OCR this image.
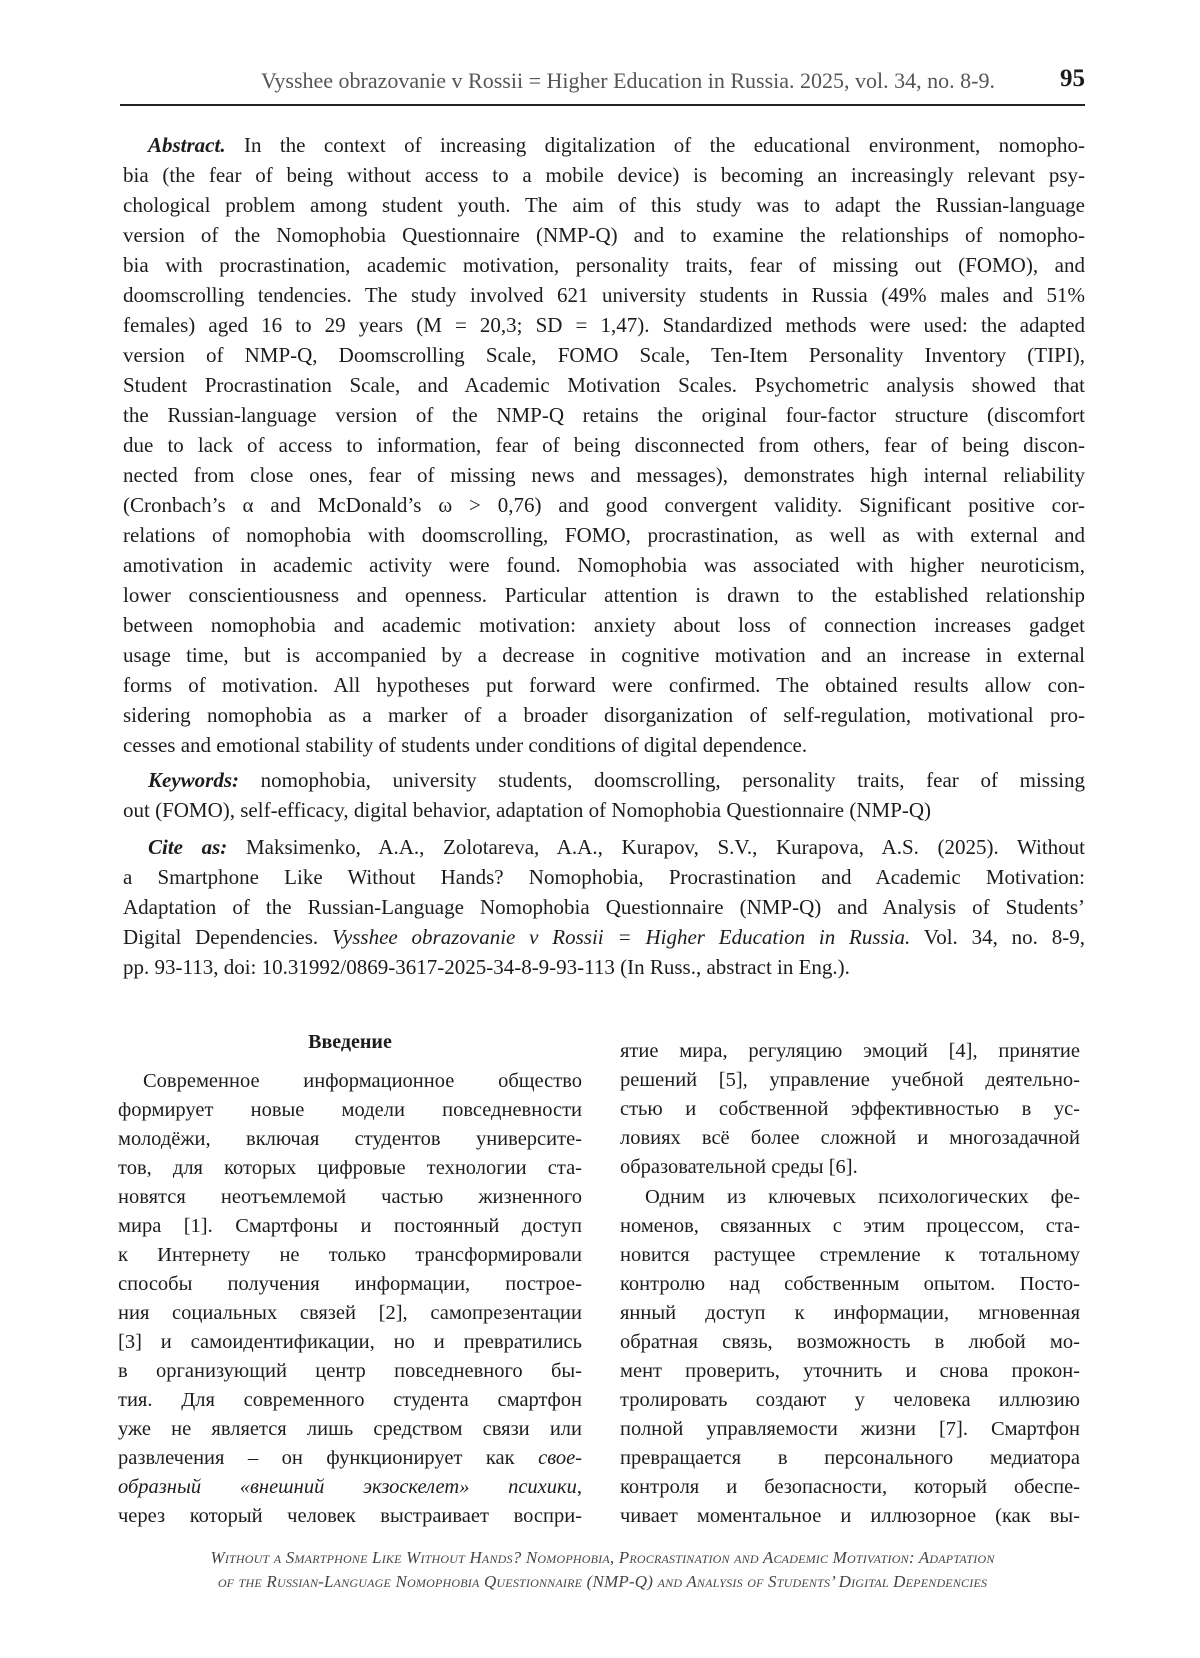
Vysshee obrazovanie v Rossii = Higher Education in Russia. 2025, vol. 34, no. 8-9.	95
Abstract. In the context of increasing digitalization of the educational environment, nomopho-
bia (the fear of being without access to a mobile device) is becoming an increasingly relevant psy-
chological problem among student youth. The aim of this study was to adapt the Russian-language
version of the Nomophobia Questionnaire (NMP-Q) and to examine the relationships of nomopho-
bia with procrastination, academic motivation, personality traits, fear of missing out (FOMO), and
doomscrolling tendencies. The study involved 621 university students in Russia (49% males and 51%
females) aged 16 to 29 years (M = 20,3; SD = 1,47). Standardized methods were used: the adapted
version of NMP-Q, Doomscrolling Scale, FOMO Scale, Ten-Item Personality Inventory (TIPI),
Student Procrastination Scale, and Academic Motivation Scales. Psychometric analysis showed that
the Russian-language version of the NMP-Q retains the original four-factor structure (discomfort
due to lack of access to information, fear of being disconnected from others, fear of being discon-
nected from close ones, fear of missing news and messages), demonstrates high internal reliability
(Cronbach’s α and McDonald’s ω > 0,76) and good convergent validity. Significant positive cor-
relations of nomophobia with doomscrolling, FOMO, procrastination, as well as with external and
amotivation in academic activity were found. Nomophobia was associated with higher neuroticism,
lower conscientiousness and openness. Particular attention is drawn to the established relationship
between nomophobia and academic motivation: anxiety about loss of connection increases gadget
usage time, but is accompanied by a decrease in cognitive motivation and an increase in external
forms of motivation. All hypotheses put forward were confirmed. The obtained results allow con-
sidering nomophobia as a marker of a broader disorganization of self-regulation, motivational pro-
cesses and emotional stability of students under conditions of digital dependence.
Keywords: nomophobia, university students, doomscrolling, personality traits, fear of missing
out (FOMO), self-efficacy, digital behavior, adaptation of Nomophobia Questionnaire (NMP-Q)
Cite as: Maksimenko, A.A., Zolotareva, A.A., Kurapov, S.V., Kurapova, A.S. (2025). Without
a Smartphone Like Without Hands? Nomophobia, Procrastination and Academic Motivation:
Adaptation of the Russian-Language Nomophobia Questionnaire (NMP-Q) and Analysis of Students’
Digital Dependencies. Vysshee obrazovanie v Rossii = Higher Education in Russia. Vol. 34, no. 8-9,
pp. 93-113, doi: 10.31992/0869-3617-2025-34-8-9-93-113 (In Russ., abstract in Eng.).
Введение
Современное информационное общество
формирует новые модели повседневности
молодёжи, включая студентов университе-
тов, для которых цифровые технологии ста-
новятся неотъемлемой частью жизненного
мира [1]. Смартфоны и постоянный доступ
к Интернету не только трансформировали
способы получения информации, построе-
ния социальных связей [2], самопрезентации
[3] и самоидентификации, но и превратились
в организующий центр повседневного бы-
тия. Для современного студента смартфон
уже не является лишь средством связи или
развлечения – он функционирует как свое-
образный «внешний экзоскелет» психики,
через который человек выстраивает воспри-
ятие мира, регуляцию эмоций [4], принятие
решений [5], управление учебной деятельно-
стью и собственной эффективностью в ус-
ловиях всё более сложной и многозадачной
образовательной среды [6].
Одним из ключевых психологических фе-
номенов, связанных с этим процессом, ста-
новится растущее стремление к тотальному
контролю над собственным опытом. Посто-
янный доступ к информации, мгновенная
обратная связь, возможность в любой мо-
мент проверить, уточнить и снова прокон-
тролировать создают у человека иллюзию
полной управляемости жизни [7]. Смартфон
превращается в персонального медиатора
контроля и безопасности, который обеспе-
чивает моментальное и иллюзорное (как вы-
Without a Smartphone Like Without Hands? Nomophobia, Procrastination and Academic Motivation: Adaptation
of the Russian-Language Nomophobia Questionnaire (NMP-Q) and Analysis of Students’ Digital Dependencies
